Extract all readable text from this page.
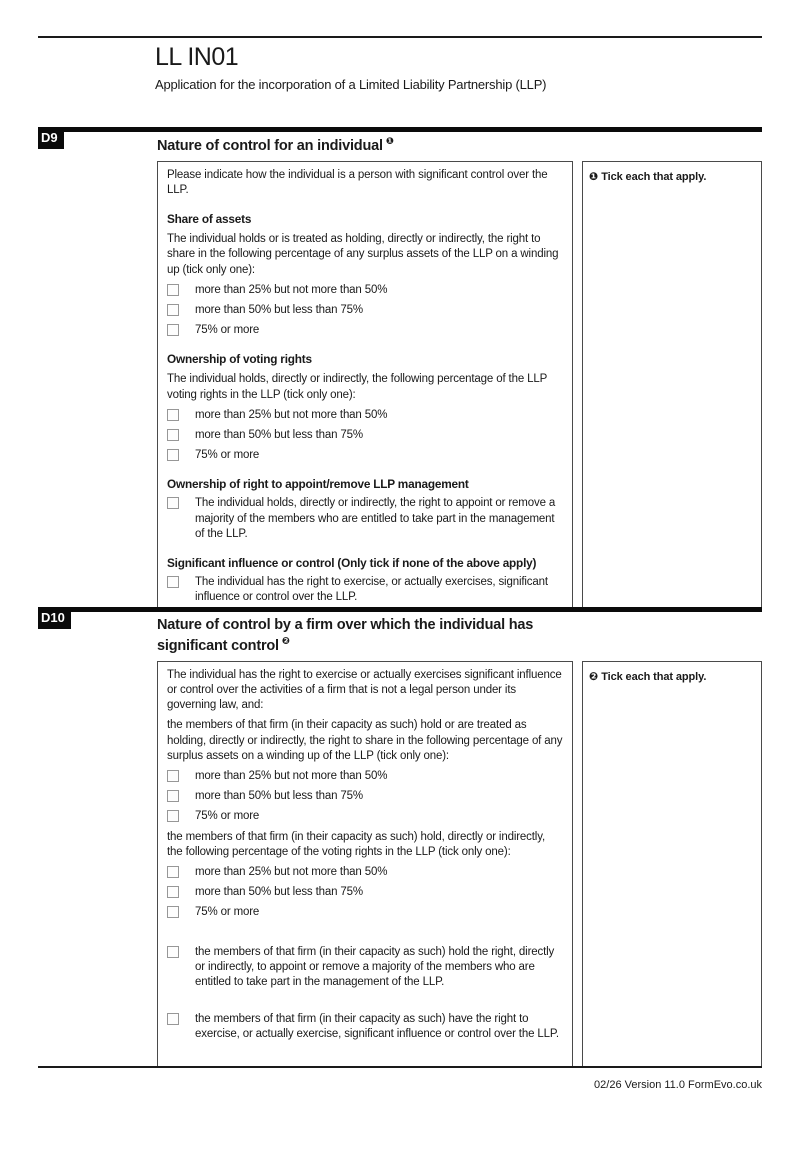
LL IN01
Application for the incorporation of a Limited Liability Partnership (LLP)
D9
Nature of control for an individual $^❶$

Please indicate how the individual is a person with significant control over the LLP.

Share of assets

The individual holds or is treated as holding, directly or indirectly, the right to share in the following percentage of any surplus assets of the LLP on a winding up (tick only one):

more than 25% but not more than 50%
more than 50% but less than 75%
75% or more
Ownership of voting rights

The individual holds, directly or indirectly, the following percentage of the LLP voting rights in the LLP (tick only one):

more than 25% but not more than 50%
more than 50% but less than 75%
75% or more
Ownership of right to appoint/remove LLP management
The individual holds, directly or indirectly, the right to appoint or remove a majority of the members who are entitled to take part in the management of the LLP.
Significant influence or control (Only tick if none of the above apply)
The individual has the right to exercise, or actually exercises, significant influence or control over the LLP.
❶ Tick each that apply.
D10	Nature of control by a firm over which the individual has significant control $^❷$

The individual has the right to exercise or actually exercises significant influence or control over the activities of a firm that is not a legal person under its governing law, and:

the members of that firm (in their capacity as such) hold or are treated as holding, directly or indirectly, the right to share in the following percentage of any surplus assets on a winding up of the LLP (tick only one):

more than 25% but not more than 50%
more than 50% but less than 75%
75% or more

the members of that firm (in their capacity as such) hold, directly or indirectly, the following percentage of the voting rights in the LLP (tick only one):

more than 25% but not more than 50%
more than 50% but less than 75%
75% or more
the members of that firm (in their capacity as such) hold the right, directly or indirectly, to appoint or remove a majority of the members who are entitled to take part in the management of the LLP.
the members of that firm (in their capacity as such) have the right to exercise, or actually exercise, significant influence or control over the LLP.
❷ Tick each that apply.
02/26 Version 11.0 FormEvo.co.uk
